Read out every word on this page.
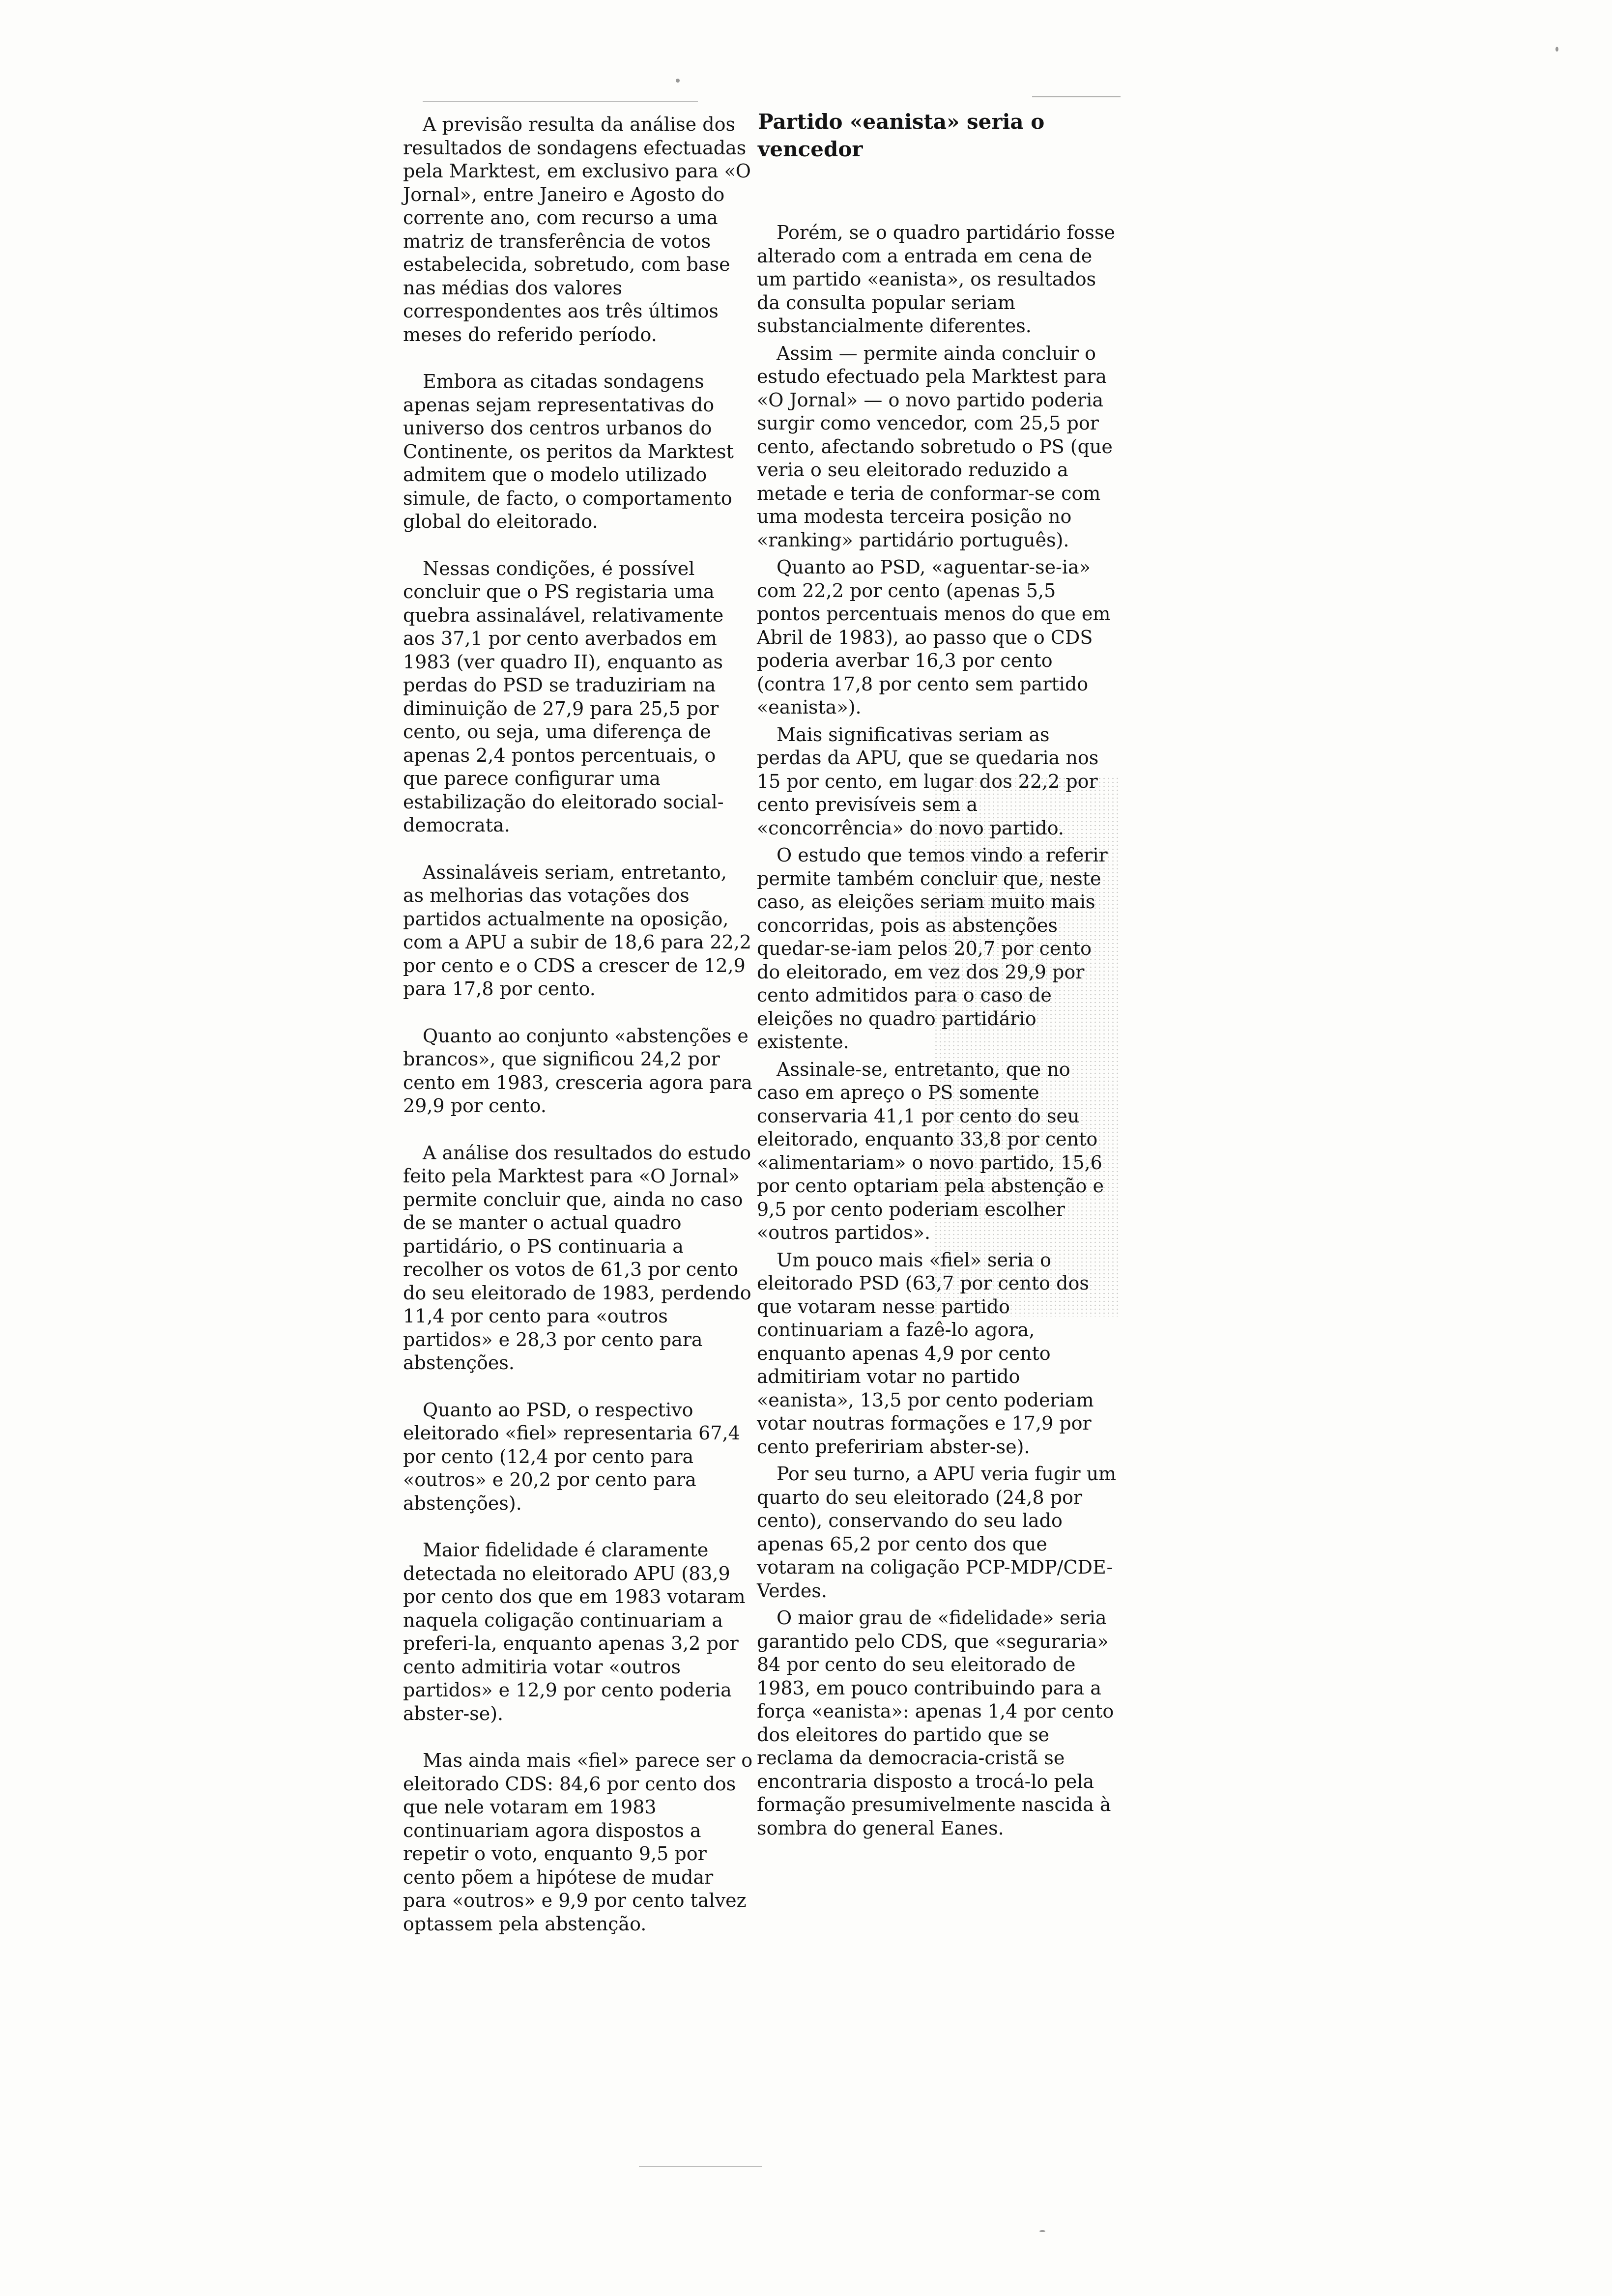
A previsão resulta da análise dos resultados de sondagens efectuadas pela Marktest, em exclusivo para «O Jornal», entre Janeiro e Agosto do corrente ano, com recurso a uma matriz de transferência de votos estabelecida, sobretudo, com base nas médias dos valores correspondentes aos três últimos meses do referido período.

Embora as citadas sondagens apenas sejam representativas do universo dos centros urbanos do Continente, os peritos da Marktest admitem que o modelo utilizado simule, de facto, o comportamento global do eleitorado.

Nessas condições, é possível concluir que o PS registaria uma quebra assinalável, relativamente aos 37,1 por cento averbados em 1983 (ver quadro II), enquanto as perdas do PSD se traduziriam na diminuição de 27,9 para 25,5 por cento, ou seja, uma diferença de apenas 2,4 pontos percentuais, o que parece configurar uma estabilização do eleitorado social-democrata.

Assinaláveis seriam, entretanto, as melhorias das votações dos partidos actualmente na oposição, com a APU a subir de 18,6 para 22,2 por cento e o CDS a crescer de 12,9 para 17,8 por cento.

Quanto ao conjunto «abstenções e brancos», que significou 24,2 por cento em 1983, cresceria agora para 29,9 por cento.

A análise dos resultados do estudo feito pela Marktest para «O Jornal» permite concluir que, ainda no caso de se manter o actual quadro partidário, o PS continuaria a recolher os votos de 61,3 por cento do seu eleitorado de 1983, perdendo 11,4 por cento para «outros partidos» e 28,3 por cento para abstenções.

Quanto ao PSD, o respectivo eleitorado «fiel» representaria 67,4 por cento (12,4 por cento para «outros» e 20,2 por cento para abstenções).

Maior fidelidade é claramente detectada no eleitorado APU (83,9 por cento dos que em 1983 votaram naquela coligação continuariam a preferi-la, enquanto apenas 3,2 por cento admitiria votar «outros partidos» e 12,9 por cento poderia abster-se).

Mas ainda mais «fiel» parece ser o eleitorado CDS: 84,6 por cento dos que nele votaram em 1983 continuariam agora dispostos a repetir o voto, enquanto 9,5 por cento põem a hipótese de mudar para «outros» e 9,9 por cento talvez optassem pela abstenção.

Partido «eanista» seria o vencedor

Porém, se o quadro partidário fosse alterado com a entrada em cena de um partido «eanista», os resultados da consulta popular seriam substancialmente diferentes.

Assim — permite ainda concluir o estudo efectuado pela Marktest para «O Jornal» — o novo partido poderia surgir como vencedor, com 25,5 por cento, afectando sobretudo o PS (que veria o seu eleitorado reduzido a metade e teria de conformar-se com uma modesta terceira posição no «ranking» partidário português).

Quanto ao PSD, «aguentar-se-ia» com 22,2 por cento (apenas 5,5 pontos percentuais menos do que em Abril de 1983), ao passo que o CDS poderia averbar 16,3 por cento (contra 17,8 por cento sem partido «eanista»).

Mais significativas seriam as perdas da APU, que se quedaria nos 15 por cento, em lugar dos 22,2 por cento previsíveis sem a «concorrência» do novo partido.

O estudo que temos vindo a referir permite também concluir que, neste caso, as eleições seriam muito mais concorridas, pois as abstenções quedar-se-iam pelos 20,7 por cento do eleitorado, em vez dos 29,9 por cento admitidos para o caso de eleições no quadro partidário existente.

Assinale-se, entretanto, que no caso em apreço o PS somente conservaria 41,1 por cento do seu eleitorado, enquanto 33,8 por cento «alimentariam» o novo partido, 15,6 por cento optariam pela abstenção e 9,5 por cento poderiam escolher «outros partidos».

Um pouco mais «fiel» seria o eleitorado PSD (63,7 por cento dos que votaram nesse partido continuariam a fazê-lo agora, enquanto apenas 4,9 por cento admitiriam votar no partido «eanista», 13,5 por cento poderiam votar noutras formações e 17,9 por cento prefeririam abster-se).

Por seu turno, a APU veria fugir um quarto do seu eleitorado (24,8 por cento), conservando do seu lado apenas 65,2 por cento dos que votaram na coligação PCP-MDP/CDE-Verdes.

O maior grau de «fidelidade» seria garantido pelo CDS, que «seguraria» 84 por cento do seu eleitorado de 1983, em pouco contribuindo para a força «eanista»: apenas 1,4 por cento dos eleitores do partido que se reclama da democracia-cristã se encontraria disposto a trocá-lo pela formação presumivelmente nascida à sombra do general Eanes.
